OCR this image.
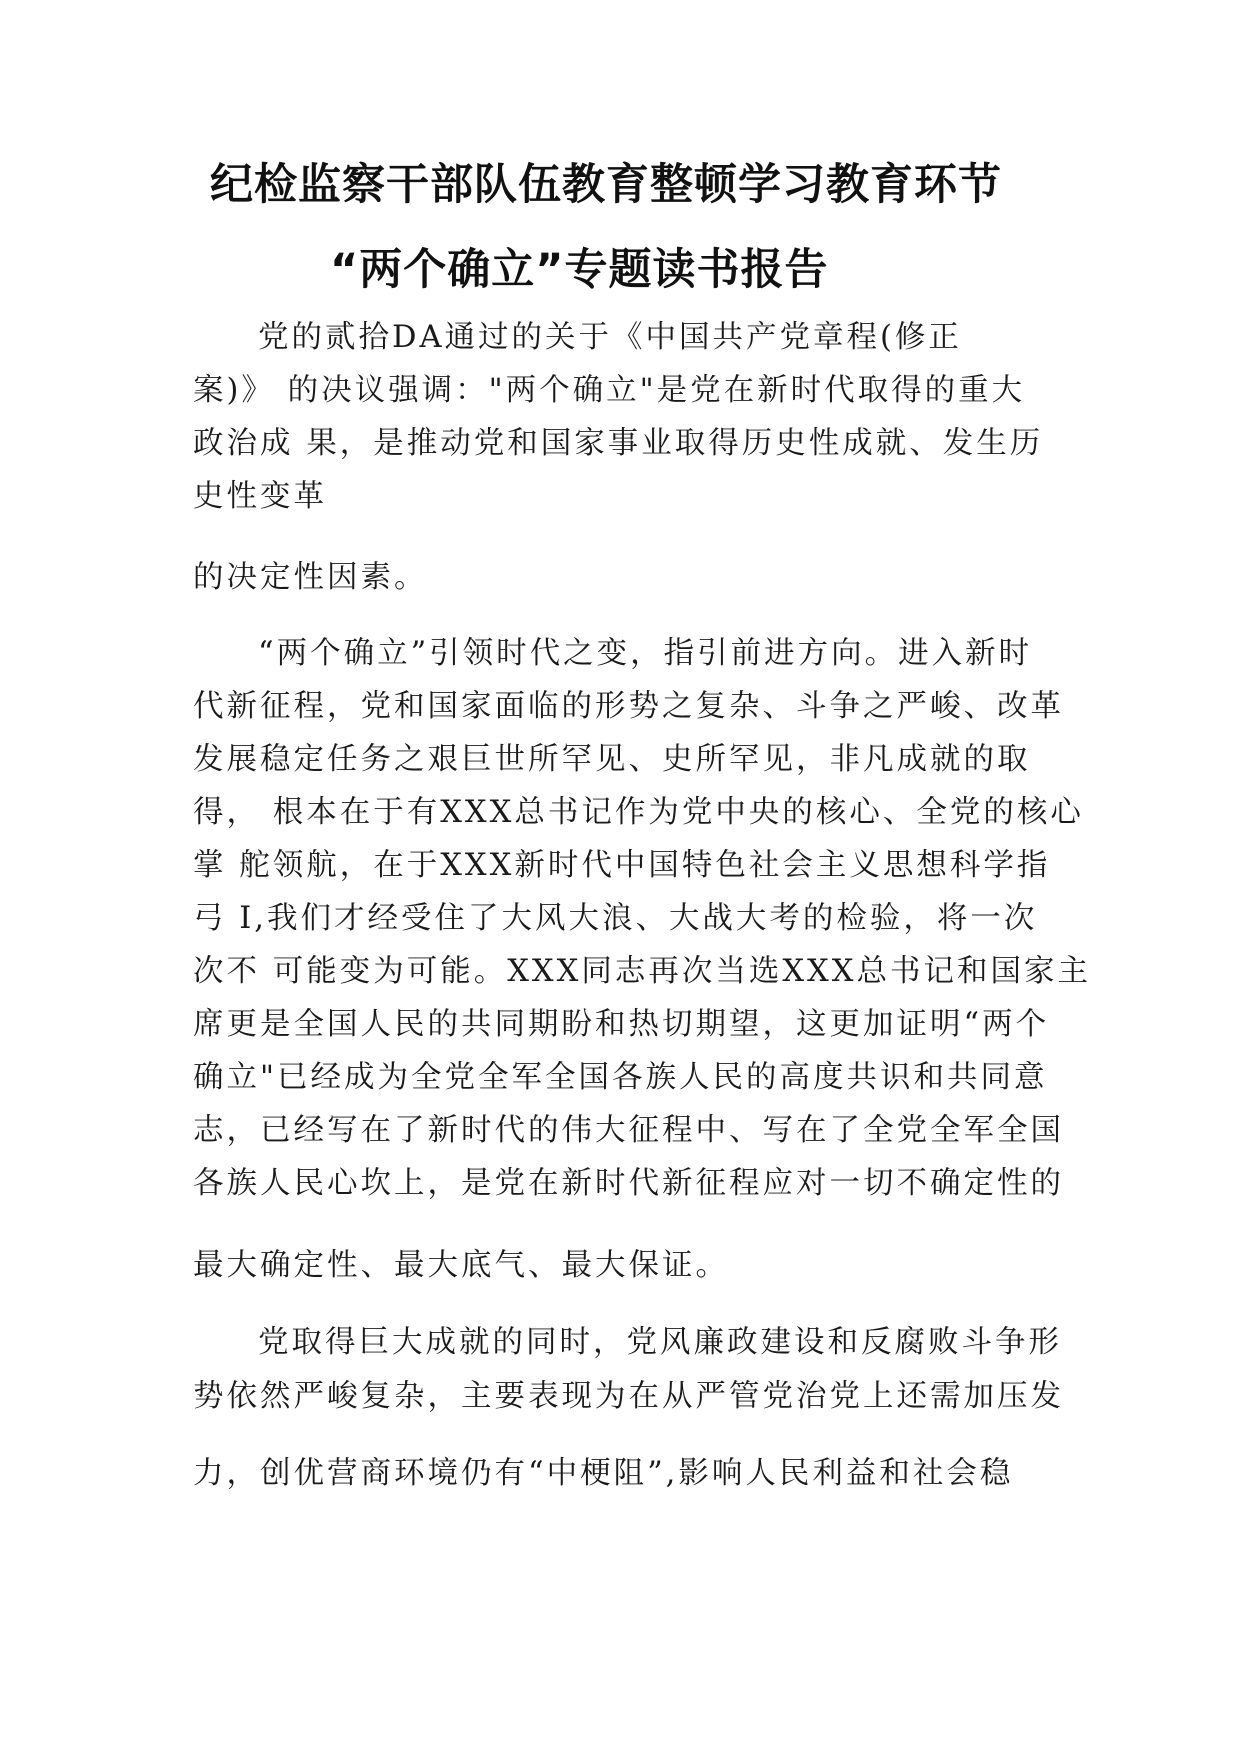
纪检监察干部队伍教育整顿学习教育环节
“两个确立”专题读书报告

党的贰拾DA通过的关于《中国共产党章程(修正

案)》 的决议强调："两个确立"是党在新时代取得的重大

政治成 果，是推动党和国家事业取得历史性成就、发生历

史性变革

的决定性因素。

“两个确立”引领时代之变，指引前进方向。进入新时

代新征程，党和国家面临的形势之复杂、斗争之严峻、改革

发展稳定任务之艰巨世所罕见、史所罕见，非凡成就的取

得， 根本在于有XXX总书记作为党中央的核心、全党的核心

掌 舵领航，在于XXX新时代中国特色社会主义思想科学指

弓 I,我们才经受住了大风大浪、大战大考的检验，将一次

次不 可能变为可能。XXX同志再次当选XXX总书记和国家主

席更是全国人民的共同期盼和热切期望，这更加证明“两个

确立"已经成为全党全军全国各族人民的高度共识和共同意

志，已经写在了新时代的伟大征程中、写在了全党全军全国

各族人民心坎上，是党在新时代新征程应对一切不确定性的

最大确定性、最大底气、最大保证。

党取得巨大成就的同时，党风廉政建设和反腐败斗争形

势依然严峻复杂，主要表现为在从严管党治党上还需加压发

力，创优营商环境仍有“中梗阻”,影响人民利益和社会稳
